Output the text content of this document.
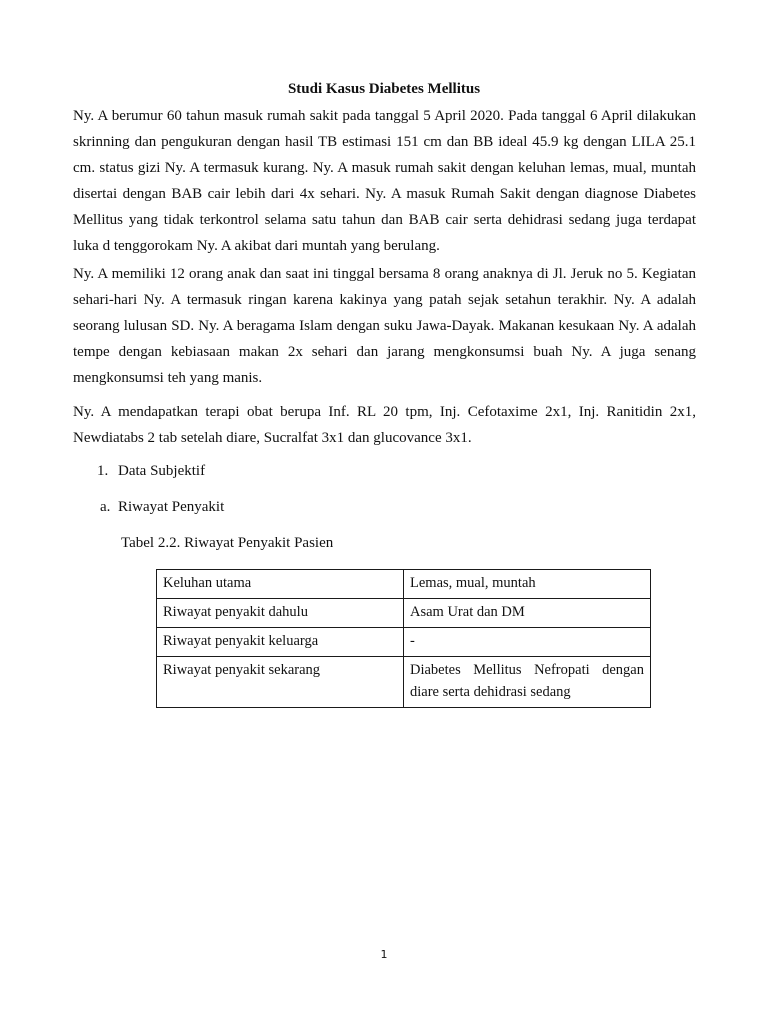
Studi Kasus Diabetes Mellitus

Ny. A berumur 60 tahun masuk rumah sakit pada tanggal 5 April 2020. Pada tanggal 6 April dilakukan skrinning dan pengukuran dengan hasil TB estimasi 151 cm dan BB ideal 45.9 kg dengan LILA 25.1 cm. status gizi Ny. A termasuk kurang. Ny. A masuk rumah sakit dengan keluhan lemas, mual, muntah disertai dengan BAB cair lebih dari 4x sehari. Ny. A masuk Rumah Sakit dengan diagnose Diabetes Mellitus yang tidak terkontrol selama satu tahun dan BAB cair serta dehidrasi sedang juga terdapat luka d tenggorokam Ny. A akibat dari muntah yang berulang.

Ny. A memiliki 12 orang anak dan saat ini tinggal bersama 8 orang anaknya di Jl. Jeruk no 5. Kegiatan sehari-hari Ny. A termasuk ringan karena kakinya yang patah sejak setahun terakhir. Ny. A adalah seorang lulusan SD. Ny. A beragama Islam dengan suku Jawa-Dayak. Makanan kesukaan Ny. A adalah tempe dengan kebiasaan makan 2x sehari dan jarang mengkonsumsi buah Ny. A juga senang mengkonsumsi teh yang manis.

Ny. A mendapatkan terapi obat berupa Inf. RL 20 tpm, Inj. Cefotaxime 2x1, Inj. Ranitidin 2x1, Newdiatabs 2 tab setelah diare, Sucralfat 3x1 dan glucovance 3x1.

1. Data Subjektif
a. Riwayat Penyakit
Tabel 2.2. Riwayat Penyakit Pasien
Keluhan utama	Lemas, mual, muntah
Riwayat penyakit dahulu	Asam Urat dan DM
Riwayat penyakit keluarga	-
Riwayat penyakit sekarang	Diabetes Mellitus Nefropati dengan diare serta dehidrasi sedang
1
